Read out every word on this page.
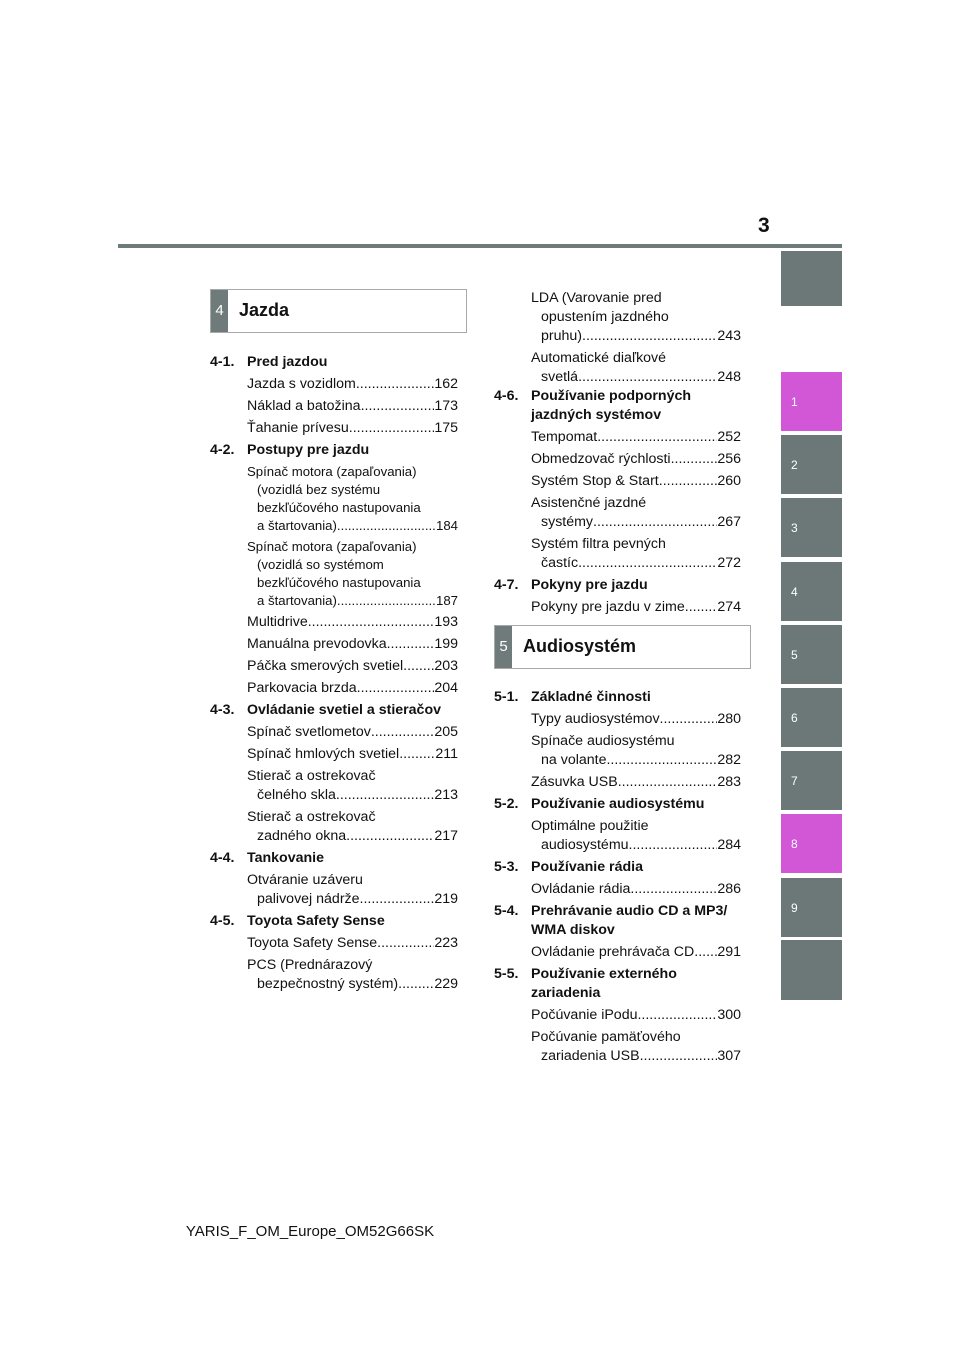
3
1
2
3
4
5
6
7
8
9
4 Jazda
4-1. Pred jazdou
Jazda s vozidlom .....	162
Náklad a batožina .....	173
Ťahanie prívesu .....	175
4-2. Postupy pre jazdu
Spínač motora (zapaľovania)
(vozidlá bez systému
bezkľúčového nastupovania
a štartovania) .....	184
Spínač motora (zapaľovania)
(vozidlá so systémom
bezkľúčového nastupovania
a štartovania) .....	187
Multidrive .....	193
Manuálna prevodovka .....	199
Páčka smerových svetiel ..... 203
Parkovacia brzda .....	204
4-3. Ovládanie svetiel a stieračov
Spínač svetlometov .....	205
Spínač hmlových svetiel .....	211
Stierač a ostrekovač
čelného skla .....	213
Stierač a ostrekovač
zadného okna .....	217
4-4. Tankovanie
Otváranie uzáveru
palivovej nádrže .....	219
4-5. Toyota Safety Sense
Toyota Safety Sense .....	223
PCS (Prednárazový
bezpečnostný systém) .....	229
LDA (Varovanie pred
opustením jazdného
pruhu) .....	243
Automatické diaľkové
svetlá .....	248
4-6. Používanie podporných
jazdných systémov
Tempomat .....	252
Obmedzovač rýchlosti .....	256
Systém Stop & Start .....	260
Asistenčné jazdné
systémy .....	267
Systém filtra pevných
častíc .....	272
4-7. Pokyny pre jazdu
Pokyny pre jazdu v zime ..... 274
5 Audiosystém
5-1. Základné činnosti
Typy audiosystémov .....	280
Spínače audiosystému
na volante .....	282
Zásuvka USB .....	283
5-2. Používanie audiosystému
Optimálne použitie
audiosystému .....	284
5-3. Používanie rádia
Ovládanie rádia .....	286
5-4. Prehrávanie audio CD a MP3/
WMA diskov
Ovládanie prehrávača CD ..... 291
5-5. Používanie externého
zariadenia
Počúvanie iPodu .....	300
Počúvanie pamäťového
zariadenia USB .....	307
YARIS_F_OM_Europe_OM52G66SK
